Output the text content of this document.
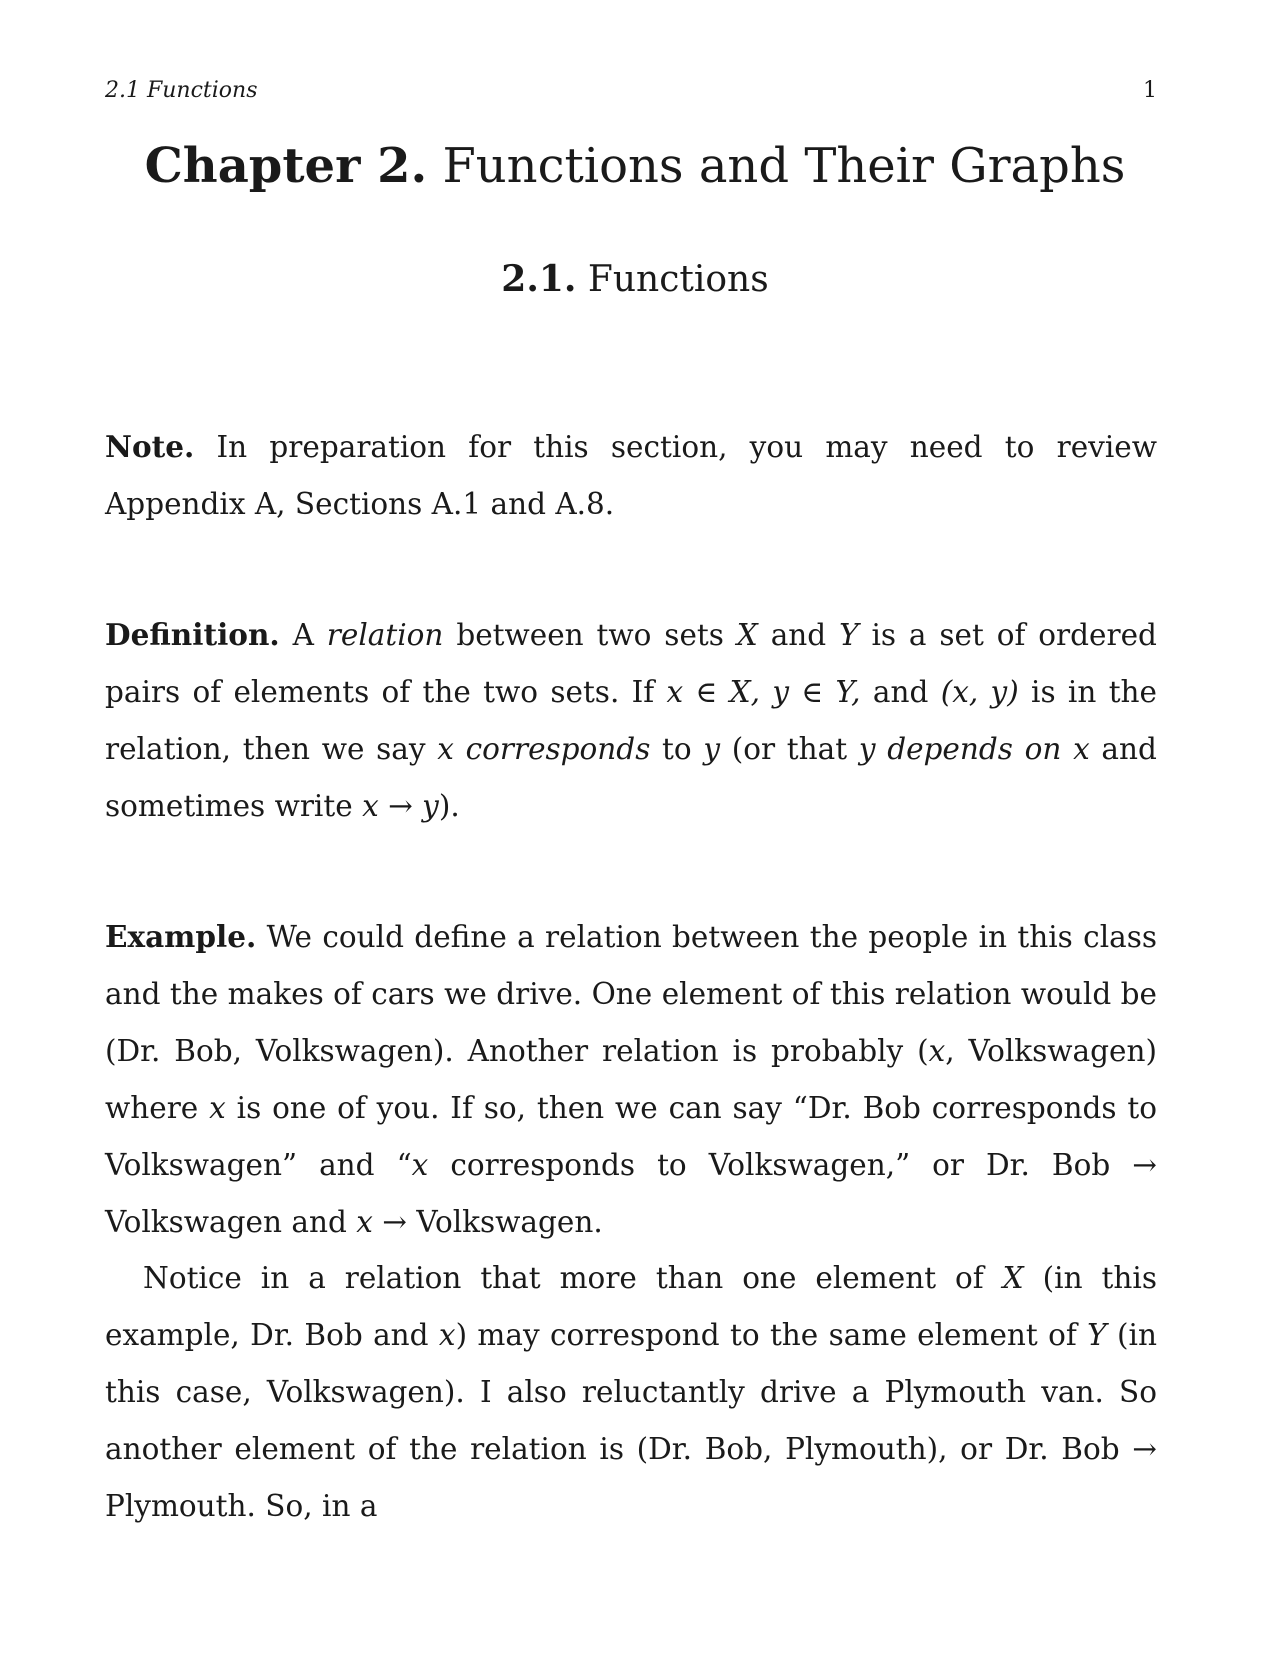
2.1 Functions	1
Chapter 2. Functions and Their Graphs
2.1. Functions

Note. In preparation for this section, you may need to review Appendix A, Sections A.1 and A.8.

Definition. A relation between two sets X and Y is a set of ordered pairs of elements of the two sets. If x ∈ X, y ∈ Y, and (x, y) is in the relation, then we say x corresponds to y (or that y depends on x and sometimes write x → y).

Example. We could define a relation between the people in this class and the makes of cars we drive. One element of this relation would be (Dr. Bob, Volkswagen). Another relation is probably (x, Volkswagen) where x is one of you. If so, then we can say “Dr. Bob corresponds to Volkswagen” and “x corresponds to Volkswagen,” or Dr. Bob → Volkswagen and x → Volkswagen.

Notice in a relation that more than one element of X (in this example, Dr. Bob and x) may correspond to the same element of Y (in this case, Volkswagen). I also reluctantly drive a Plymouth van. So another element of the relation is (Dr. Bob, Plymouth), or Dr. Bob → Plymouth. So, in a
